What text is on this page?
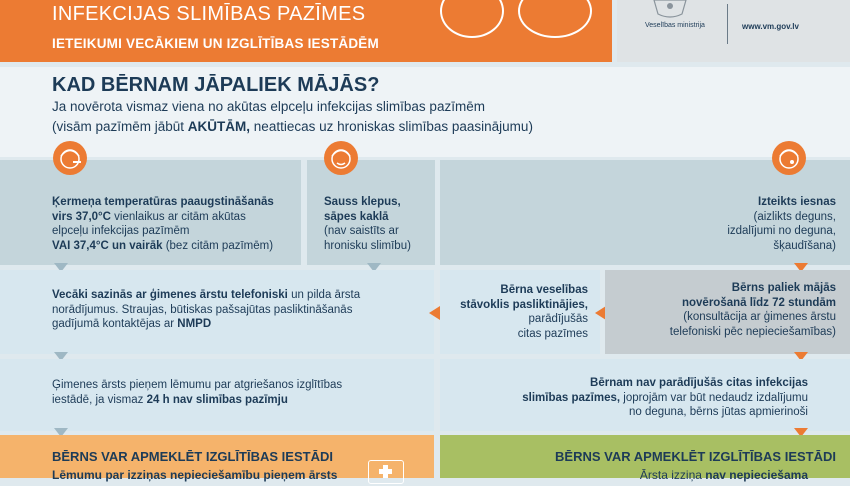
INFEKCIJAS SLIMĪBAS PAZĪMES
IETEIKUMI VECĀKIEM UN IZGLĪTĪBAS IESTĀDĒM
Veselības ministrija	www.vm.gov.lv
KAD BĒRNAM JĀPALIEK MĀJĀS?
Ja novērota vismaz viena no akūtas elpceļu infekcijas slimības pazīmēm
(visām pazīmēm jābūt AKŪTĀM, neattiecas uz hroniskas slimības paasinājumu)
Ķermeņa temperatūras paaugstināšanās
virs 37,0°C vienlaikus ar citām akūtas
elpceļu infekcijas pazīmēm
VAI 37,4°C un vairāk (bez citām pazīmēm)
Sauss klepus,
sāpes kaklā
(nav saistīts ar
hronisku slimību)
Izteikts iesnas
(aizlikts deguns,
izdalījumi no deguna,
šķaudīšana)
Vecāki sazinās ar ģimenes ārstu telefoniski un pilda ārsta
norādījumus. Straujas, būtiskas pašsajūtas pasliktināšanās
gadījumā kontaktējas ar NMPD
Bērna veselības
stāvoklis pasliktinājies,
parādījušās
citas pazīmes
Bērns paliek mājās
novērošanā līdz 72 stundām
(konsultācija ar ģimenes ārstu
telefoniski pēc nepieciešamības)
Ģimenes ārsts pieņem lēmumu par atgriešanos izglītības
iestādē, ja vismaz 24 h nav slimības pazīmju
Bērnam nav parādījušās citas infekcijas
slimības pazīmes, joprojām var būt nedaudz izdalījumu
no deguna, bērns jūtas apmierinoši
BĒRNS VAR APMEKLĒT IZGLĪTĪBAS IESTĀDI
Lēmumu par izziņas nepieciešamību pieņem ārsts
BĒRNS VAR APMEKLĒT IZGLĪTĪBAS IESTĀDI
Ārsta izziņa nav nepieciešama
